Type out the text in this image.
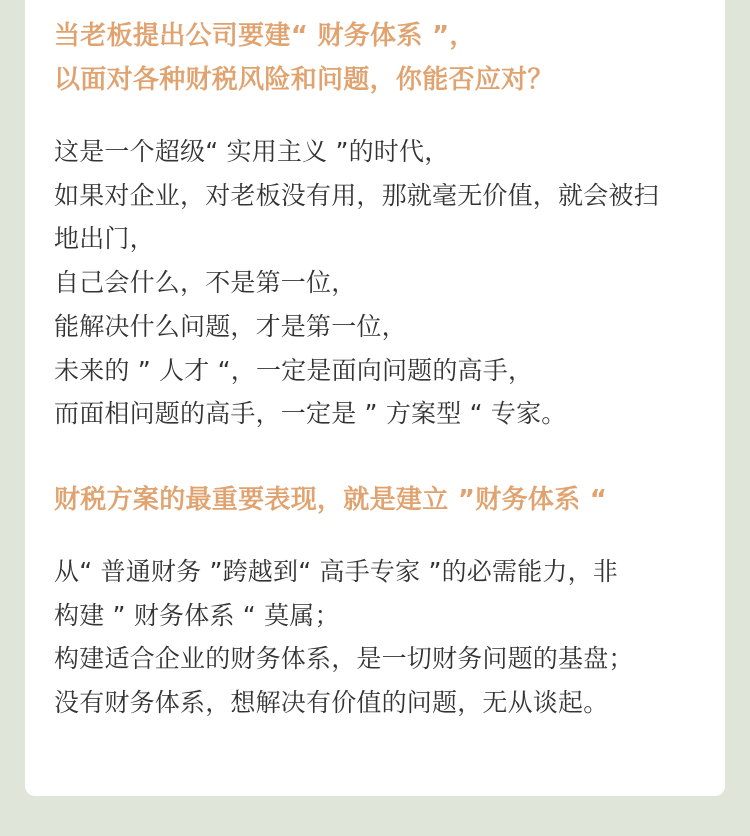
当老板提出公司要建“ 财务体系 ”，
以面对各种财税风险和问题，你能否应对？
这是一个超级“ 实用主义 ”的时代，
如果对企业，对老板没有用，那就毫无价值，就会被扫
地出门，
自己会什么，不是第一位，
能解决什么问题，才是第一位，
未来的 ” 人才 “，一定是面向问题的高手，
而面相问题的高手，一定是 ” 方案型 “ 专家。
财税方案的最重要表现，就是建立 ”财务体系 “
从“ 普通财务 ”跨越到“ 高手专家 ”的必需能力，非
构建 ” 财务体系 “ 莫属；
构建适合企业的财务体系，是一切财务问题的基盘；
没有财务体系，想解决有价值的问题，无从谈起。
